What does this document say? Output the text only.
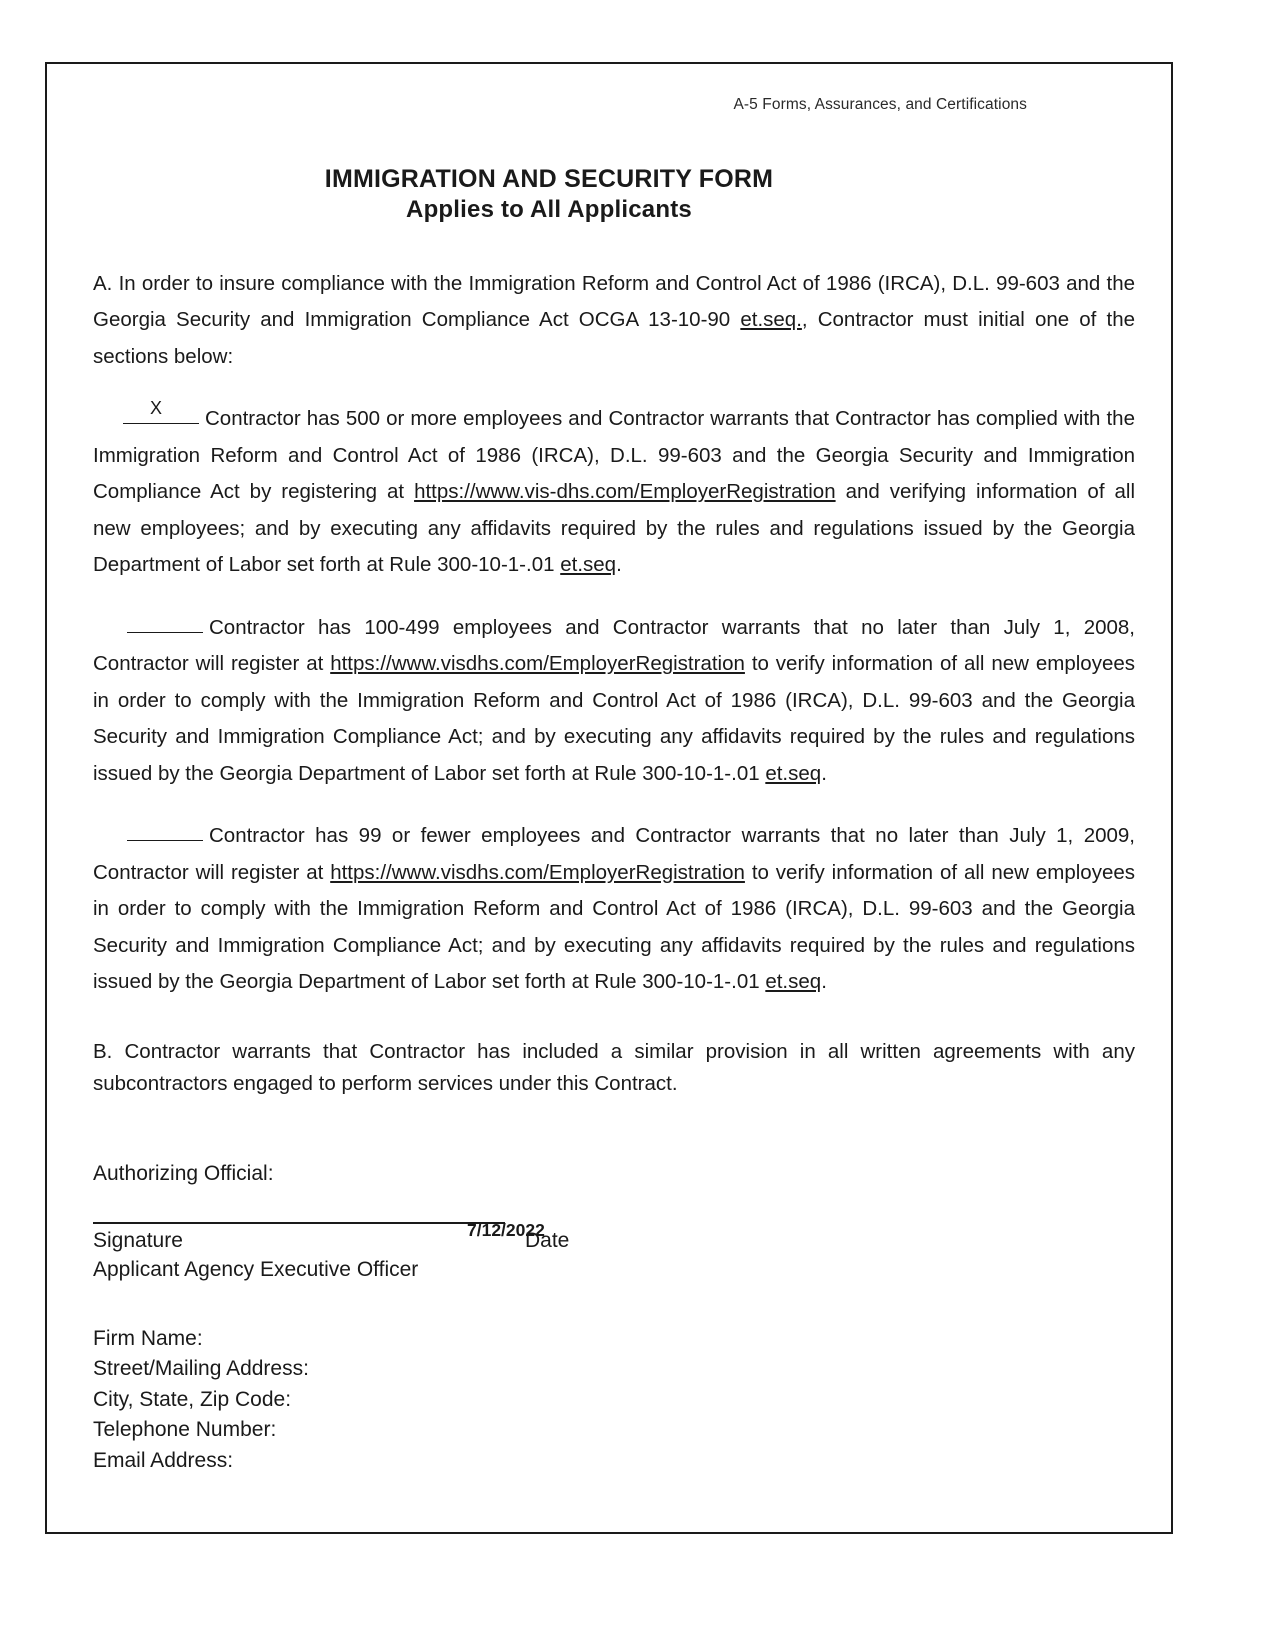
A-5 Forms, Assurances, and Certifications
IMMIGRATION AND SECURITY FORM
Applies to All Applicants

A. In order to insure compliance with the Immigration Reform and Control Act of 1986 (IRCA), D.L. 99-603 and the Georgia Security and Immigration Compliance Act OCGA 13-10-90 et.seq., Contractor must initial one of the sections below:

X	Contractor has 500 or more employees and Contractor warrants that Contractor has complied with the Immigration Reform and Control Act of 1986 (IRCA), D.L. 99-603 and the Georgia Security and Immigration Compliance Act by registering at https://www.vis-dhs.com/EmployerRegistration and verifying information of all new employees; and by executing any affidavits required by the rules and regulations issued by the Georgia Department of Labor set forth at Rule 300-10-1-.01 et.seq.

Contractor has 100-499 employees and Contractor warrants that no later than July 1, 2008, Contractor will register at https://www.visdhs.com/EmployerRegistration to verify information of all new employees in order to comply with the Immigration Reform and Control Act of 1986 (IRCA), D.L. 99-603 and the Georgia Security and Immigration Compliance Act; and by executing any affidavits required by the rules and regulations issued by the Georgia Department of Labor set forth at Rule 300-10-1-.01 et.seq.

Contractor has 99 or fewer employees and Contractor warrants that no later than July 1, 2009, Contractor will register at https://www.visdhs.com/EmployerRegistration to verify information of all new employees in order to comply with the Immigration Reform and Control Act of 1986 (IRCA), D.L. 99-603 and the Georgia Security and Immigration Compliance Act; and by executing any affidavits required by the rules and regulations issued by the Georgia Department of Labor set forth at Rule 300-10-1-.01 et.seq.

B. Contractor warrants that Contractor has included a similar provision in all written agreements with any subcontractors engaged to perform services under this Contract.

Authorizing Official:
7/12/2022
Signature	Date
Applicant Agency Executive Officer
Firm Name:
Street/Mailing Address:
City, State, Zip Code:
Telephone Number:
Email Address:
